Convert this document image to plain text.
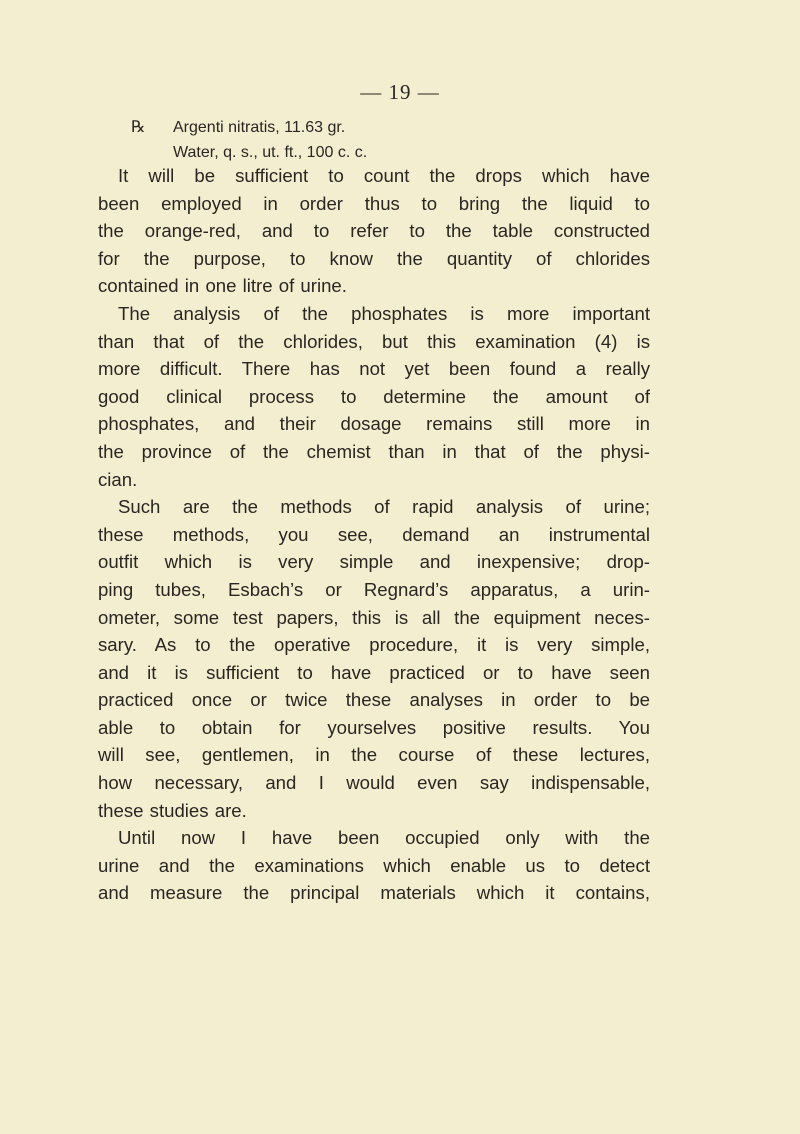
— 19 —
℞ Argenti nitratis, 11.63 gr.
Water, q. s., ut. ft., 100 c. c.
It will be sufficient to count the drops which have
been employed in order thus to bring the liquid to
the orange-red, and to refer to the table constructed
for the purpose, to know the quantity of chlorides
contained in one litre of urine.
The analysis of the phosphates is more important
than that of the chlorides, but this examination (4) is
more difficult. There has not yet been found a really
good clinical process to determine the amount of
phosphates, and their dosage remains still more in
the province of the chemist than in that of the physi-
cian.
Such are the methods of rapid analysis of urine;
these methods, you see, demand an instrumental
outfit which is very simple and inexpensive; drop-
ping tubes, Esbach’s or Regnard’s apparatus, a urin-
ometer, some test papers, this is all the equipment neces-
sary. As to the operative procedure, it is very simple,
and it is sufficient to have practiced or to have seen
practiced once or twice these analyses in order to be
able to obtain for yourselves positive results. You
will see, gentlemen, in the course of these lectures,
how necessary, and I would even say indispensable,
these studies are.
Until now I have been occupied only with the
urine and the examinations which enable us to detect
and measure the principal materials which it contains,
